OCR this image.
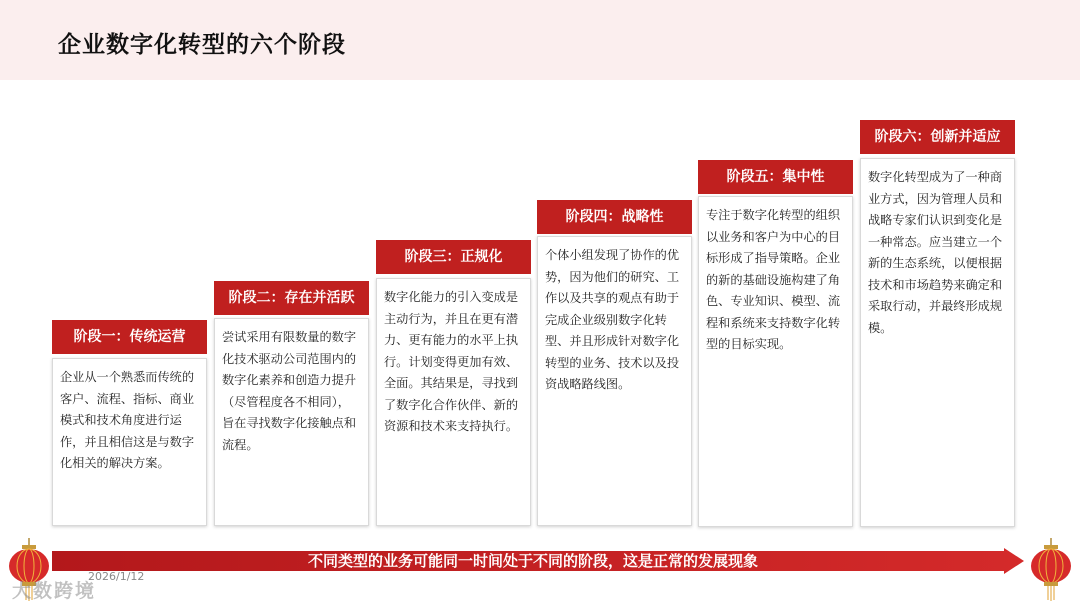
企业数字化转型的六个阶段
阶段一：传统运营
企业从一个熟悉而传统的客户、流程、指标、商业模式和技术角度进行运作，并且相信这是与数字化相关的解决方案。
阶段二：存在并活跃
尝试采用有限数量的数字化技术驱动公司范围内的数字化素养和创造力提升（尽管程度各不相同），旨在寻找数字化接触点和流程。
阶段三：正规化
数字化能力的引入变成是主动行为，并且在更有潜力、更有能力的水平上执行。计划变得更加有效、全面。其结果是，寻找到了数字化合作伙伴、新的资源和技术来支持执行。
阶段四：战略性
个体小组发现了协作的优势，因为他们的研究、工作以及共享的观点有助于完成企业级别数字化转型、并且形成针对数字化转型的业务、技术以及投资战略路线图。
阶段五：集中性
专注于数字化转型的组织以业务和客户为中心的目标形成了指导策略。企业的新的基础设施构建了角色、专业知识、模型、流程和系统来支持数字化转型的目标实现。
阶段六：创新并适应
数字化转型成为了一种商业方式，因为管理人员和战略专家们认识到变化是一种常态。应当建立一个新的生态系统，以便根据技术和市场趋势来确定和采取行动，并最终形成规模。
不同类型的业务可能同一时间处于不同的阶段，这是正常的发展现象
2026/1/12
大数跨境
